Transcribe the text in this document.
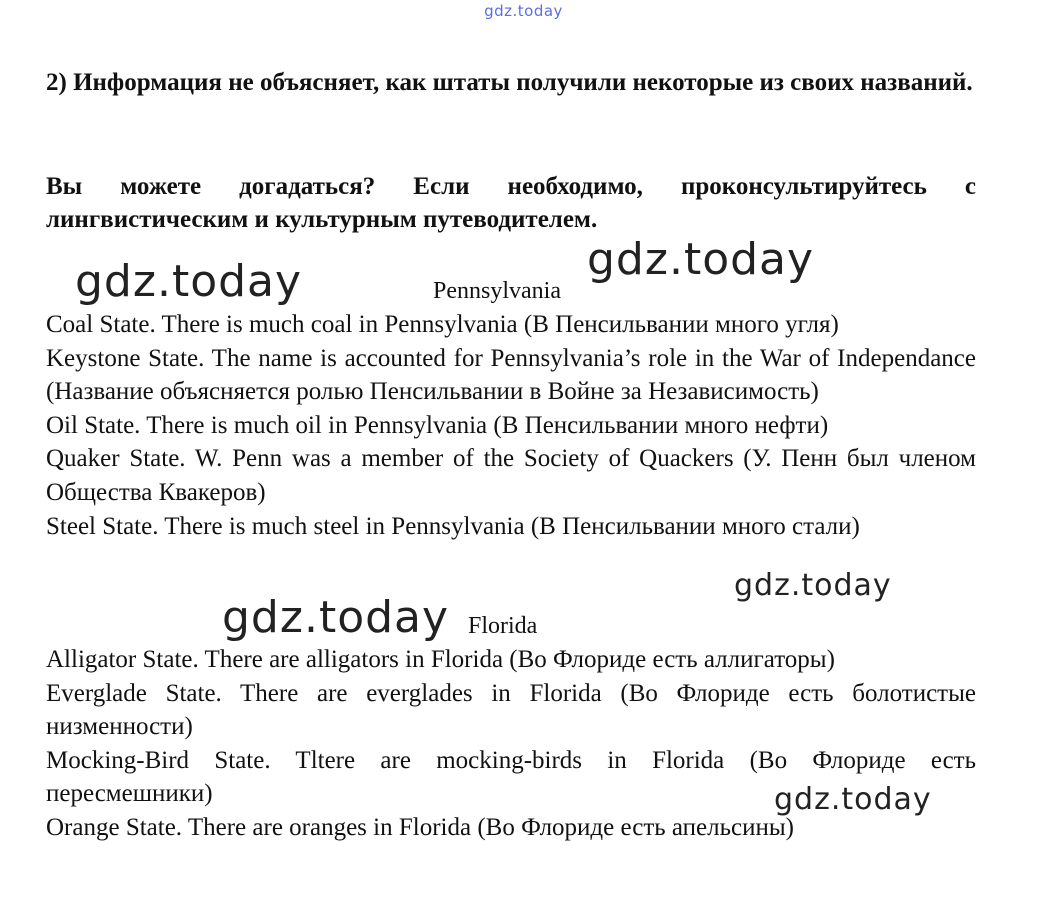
gdz.today

2) Информация не объясняет, как штаты получили некоторые из своих названий.

Вы можете догадаться? Если необходимо, проконсультируйтесь с лингвистическим и культурным путеводителем.

Pennsylvania
Coal State. There is much coal in Pennsylvania (В Пенсильвании много угля)
Keystone State. The name is accounted for Pennsylvania’s role in the War of Independance (Название объясняется ролью Пенсильвании в Войне за Независимость)
Oil State. There is much oil in Pennsylvania (В Пенсильвании много нефти)
Quaker State. W. Penn was a member of the Society of Quackers (У. Пенн был членом Общества Квакеров)
Steel State. There is much steel in Pennsylvania (В Пенсильвании много стали)
Florida
Alligator State. There are alligators in Florida (Во Флориде есть аллигаторы)
Everglade State. There are everglades in Florida (Во Флориде есть болотистые низменности)
Mocking-Bird State. Tltere are mocking-birds in Florida (Во Флориде есть пересмешники)
Orange State. There are oranges in Florida (Во Флориде есть апельсины)
gdz.today	gdz.today
gdz.today
gdz.today
gdz.today
